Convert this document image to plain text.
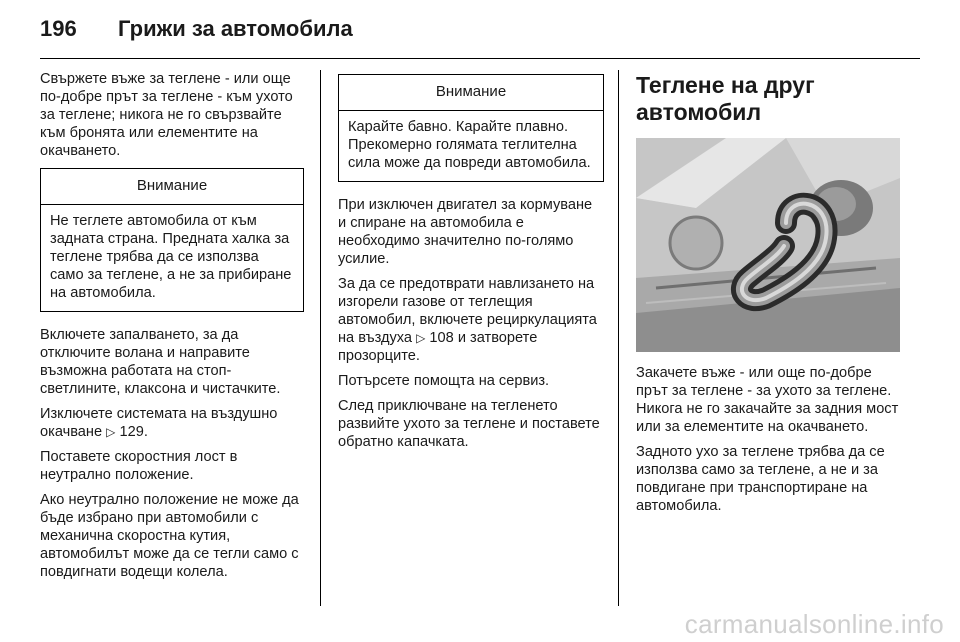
196 Грижи за автомобила

Свържете въже за теглене - или още по-добре прът за теглене - към ухото за теглене; никога не го свързвайте към бронята или елементите на окачването.

Внимание
Не теглете автомобила от към задната страна. Предната халка за теглене трябва да се използва само за теглене, а не за прибиране на автомобила.

Включете запалването, за да отключите волана и направите възможна работата на стоп-светлините, клаксона и чистачките.

Изключете системата на въздушно окачване ▷ 129.

Поставете скоростния лост в неутрално положение.

Ако неутрално положение не може да бъде избрано при автомобили с механична скоростна кутия, автомобилът може да се тегли само с повдигнати водещи колела.

Внимание
Карайте бавно. Карайте плавно. Прекомерно голямата теглителна сила може да повреди автомобила.

При изключен двигател за кормуване и спиране на автомобила е необходимо значително по-голямо усилие.

За да се предотврати навлизането на изгорели газове от теглещия автомобил, включете рециркулацията на въздуха ▷ 108 и затворете прозорците.

Потърсете помощта на сервиз.

След приключване на тегленето развийте ухото за теглене и поставете обратно капачката.

Теглене на друг автомобил

Закачете въже - или още по-добре прът за теглене - за ухото за теглене. Никога не го закачайте за задния мост или за елементите на окачването.

Задното ухо за теглене трябва да се използва само за теглене, а не и за повдигане при транспортиране на автомобила.

carmanualsonline.info
